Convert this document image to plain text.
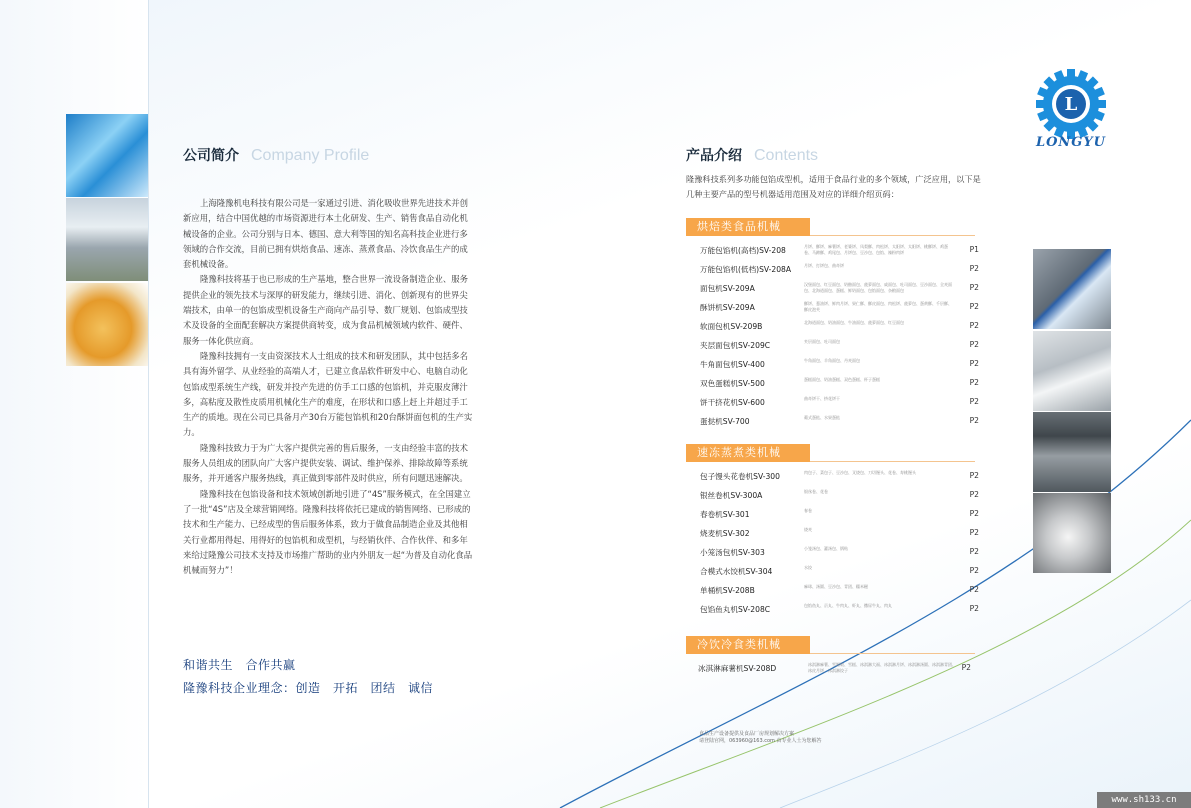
公司简介 Company Profile

上海隆豫机电科技有限公司是一家通过引进、消化吸收世界先进技术并创新应用，结合中国优越的市场资源进行本土化研发、生产、销售食品自动化机械设备的企业。公司分别与日本、德国、意大利等国的知名高科技企业进行多领域的合作交流，目前已拥有烘焙食品、速冻、蒸煮食品、冷饮食品生产的成套机械设备。

隆豫科技将基于也已形成的生产基地，整合世界一流设备制造企业、服务提供企业的领先技术与深厚的研发能力，继续引进、消化、创新现有的世界尖端技术，由单一的包馅成型机设备生产商向产品引导、数厂规划、包馅成型技术及设备的全面配套解决方案提供商转变，成为食品机械领域内软件、硬件、服务一体化供应商。

隆豫科技拥有一支由资深技术人士组成的技术和研发团队，其中包括多名具有海外留学、从业经验的高端人才，已建立食品软件研发中心、电脑自动化包馅成型系统生产线，研发并投产先进的仿手工口感的包馅机，并克服皮薄汁多，高粘度及散性皮质用机械化生产的难度，在形状和口感上赶上并超过手工生产的质地。现在公司已具备月产30台万能包馅机和20台酥饼面包机的生产实力。

隆豫科技致力于为广大客户提供完善的售后服务，一支由经验丰富的技术服务人员组成的团队向广大客户提供安装、调试、维护保养、排除故障等系统服务，并开通客户服务热线，真正做到零部件及时供应，所有问题迅速解决。

隆豫科技在包馅设备和技术领域创新地引进了“4S”服务模式，在全国建立了一批“4S”店及全球营销网络。隆豫科技将依托已建成的销售网络、已形成的技术和生产能力、已经成型的售后服务体系，致力于做食品制造企业及其他相关行业都用得起、用得好的包馅机和成型机，与经销伙伴、合作伙伴、和多年来给过隆豫公司技术支持及市场推广帮助的业内外朋友一起“为普及自动化食品机械而努力”！

和谐共生　合作共赢
隆豫科技企业理念：创造　开拓　团结　诚信
产品介绍 Contents
隆豫科技系列多功能包馅成型机，适用于食品行业的多个领域，广泛应用，以下是几种主要产品的型号机器适用范围及对应的详细介绍页码：
烘焙类食品机械
万能包馅机(高档)SV-208	月饼、酥饼、麻薯饼、老婆饼、凤梨酥、肉松饼、太阳饼、太阳饼、桃酥饼、鸡蛋卷、马蹄酥、鸡尾包、月饼包、豆沙包、包馅、辣粉肉饼	P1
万能包馅机(低档)SV-208A	月饼、打饼包、曲奇饼	P2
面包机SV-209A	汉堡面包、红豆面包、奶酪面包、菠萝面包、咸面包、吐司面包、豆沙面包、全麦面包、北海道面包、蛋糕、鲜奶面包、包馅面包、杂粮面包	P2
酥饼机SV-209A	酥饼、葱油饼、鲜肉月饼、果仁酥、酥皮面包、肉松饼、菠萝包、蛋黄酥、千层酥、酥皮泡芙	P2
软面包机SV-209B	北海道面包、奶油面包、牛油面包、菠萝面包、红豆面包	P2
夹层面包机SV-209C	夹层面包、吐司面包	P2
牛角面包机SV-400	牛角面包、羊角面包、丹麦面包	P2
双色蛋糕机SV-500	蛋糕面包、奶油蛋糕、双色蛋糕、杯子蛋糕	P2
饼干挤花机SV-600	曲奇饼干、挤花饼干	P2
蛋挞机SV-700	葡式蛋挞、水果蛋挞	P2
速冻蒸煮类机械
包子馒头花卷机SV-300	肉包子、菜包子、豆沙包、叉烧包、刀切馒头、花卷、寿桃馒头	P2
银丝卷机SV-300A	银丝卷、花卷	P2
春卷机SV-301	春卷	P2
烧麦机SV-302	烧麦	P2
小笼汤包机SV-303	小笼汤包、灌汤包、锅贴	P2
合模式水饺机SV-304	水饺	P2
单桶机SV-208B	麻球、汤圆、豆沙包、青团、糯米糍	P2
包馅鱼丸机SV-208C	包馅鱼丸、贡丸、牛肉丸、虾丸、撒尿牛丸、肉丸	P2
冷饮冷食类机械
冰淇淋麻薯机SV-208D	冰淇淋麻薯、雪媚娘、雪糕、冰淇淋大福、冰淇淋月饼、冰淇淋汤圆、冰淇淋青团、冰皮月饼、冰淇淋饺子	P2
食品生产设备提供及食品厂房规划解决方案
请登陆官网，063960@163.com 由专业人士为您解答
L
LONGYU
www.sh133.cn
